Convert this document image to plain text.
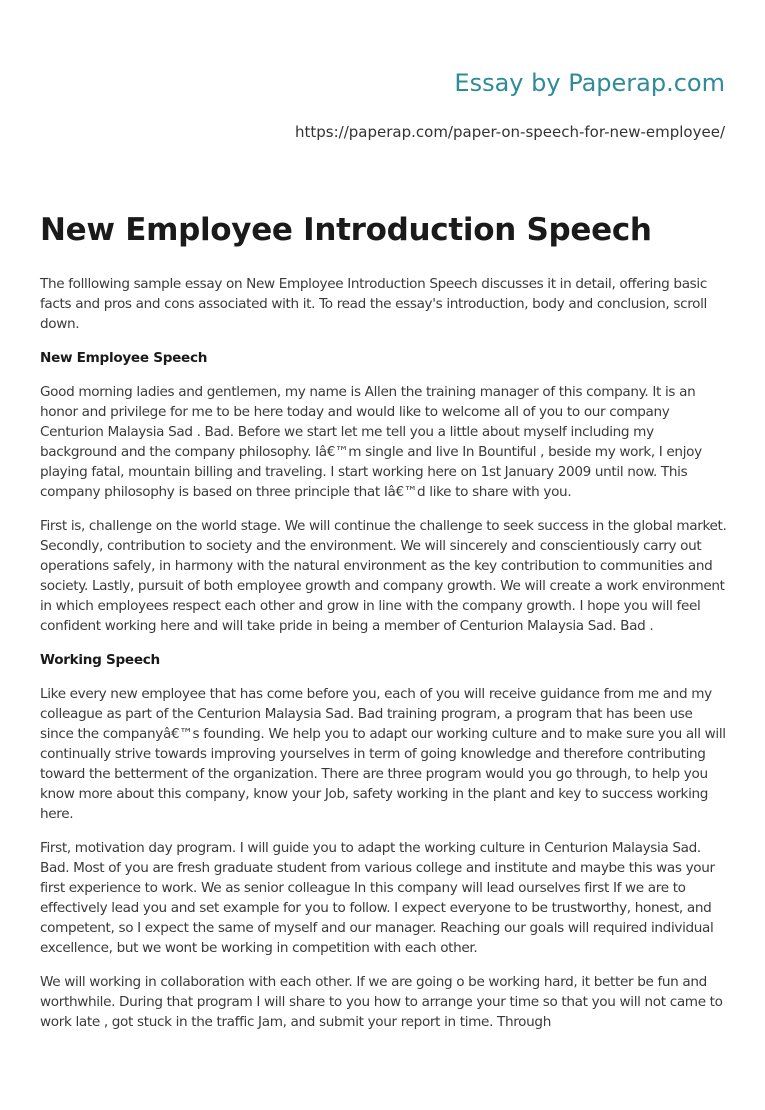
Essay by Paperap.com
https://paperap.com/paper-on-speech-for-new-employee/
New Employee Introduction Speech

The folllowing sample essay on New Employee Introduction Speech discusses it in detail, offering basic facts and pros and cons associated with it. To read the essay's introduction, body and conclusion, scroll down.

New Employee Speech

Good morning ladies and gentlemen, my name is Allen the training manager of this company. It is an honor and privilege for me to be here today and would like to welcome all of you to our company Centurion Malaysia Sad . Bad. Before we start let me tell you a little about myself including my background and the company philosophy. Iâ€™m single and live In Bountiful , beside my work, I enjoy playing fatal, mountain billing and traveling. I start working here on 1st January 2009 until now. This company philosophy is based on three principle that Iâ€™d like to share with you.

First is, challenge on the world stage. We will continue the challenge to seek success in the global market. Secondly, contribution to society and the environment. We will sincerely and conscientiously carry out operations safely, in harmony with the natural environment as the key contribution to communities and society. Lastly, pursuit of both employee growth and company growth. We will create a work environment in which employees respect each other and grow in line with the company growth. I hope you will feel confident working here and will take pride in being a member of Centurion Malaysia Sad. Bad .

Working Speech

Like every new employee that has come before you, each of you will receive guidance from me and my colleague as part of the Centurion Malaysia Sad. Bad training program, a program that has been use since the companyâ€™s founding. We help you to adapt our working culture and to make sure you all will continually strive towards improving yourselves in term of going knowledge and therefore contributing toward the betterment of the organization. There are three program would you go through, to help you know more about this company, know your Job, safety working in the plant and key to success working here.

First, motivation day program. I will guide you to adapt the working culture in Centurion Malaysia Sad. Bad. Most of you are fresh graduate student from various college and institute and maybe this was your first experience to work. We as senior colleague In this company will lead ourselves first If we are to effectively lead you and set example for you to follow. I expect everyone to be trustworthy, honest, and competent, so I expect the same of myself and our manager. Reaching our goals will required individual excellence, but we wont be working in competition with each other.

We will working in collaboration with each other. If we are going o be working hard, it better be fun and worthwhile. During that program I will share to you how to arrange your time so that you will not came to work late , got stuck in the traffic Jam, and submit your report in time. Through
